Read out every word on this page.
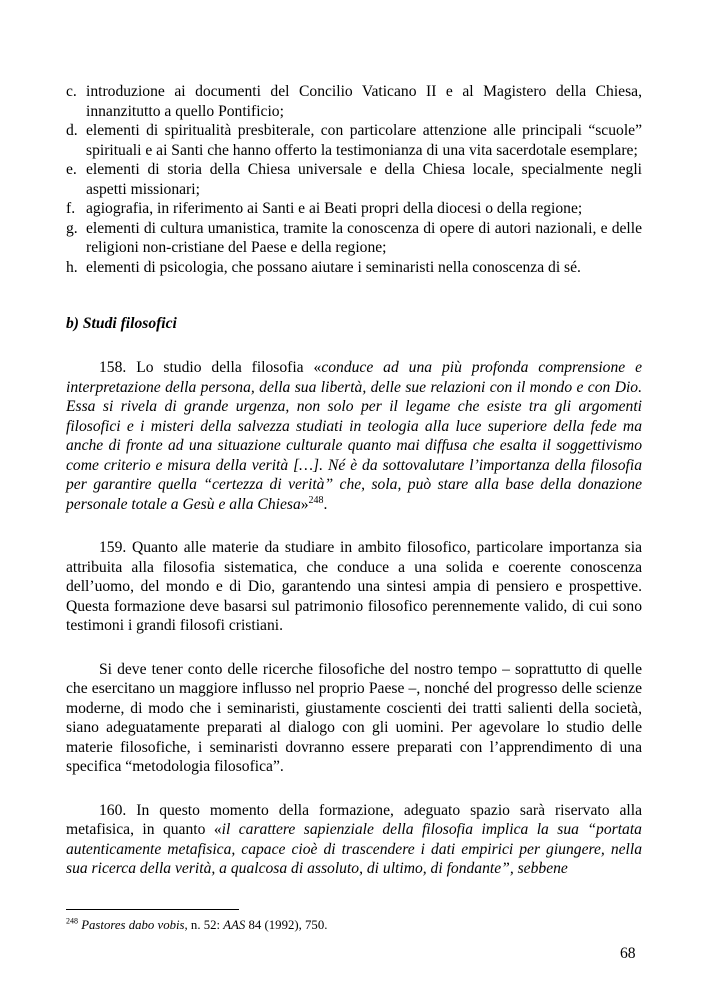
c. introduzione ai documenti del Concilio Vaticano II e al Magistero della Chiesa, innanzitutto a quello Pontificio;
d. elementi di spiritualità presbiterale, con particolare attenzione alle principali “scuole” spirituali e ai Santi che hanno offerto la testimonianza di una vita sacerdotale esemplare;
e. elementi di storia della Chiesa universale e della Chiesa locale, specialmente negli aspetti missionari;
f. agiografia, in riferimento ai Santi e ai Beati propri della diocesi o della regione;
g. elementi di cultura umanistica, tramite la conoscenza di opere di autori nazionali, e delle religioni non-cristiane del Paese e della regione;
h. elementi di psicologia, che possano aiutare i seminaristi nella conoscenza di sé.
b) Studi filosofici

158. Lo studio della filosofia «conduce ad una più profonda comprensione e interpretazione della persona, della sua libertà, delle sue relazioni con il mondo e con Dio. Essa si rivela di grande urgenza, non solo per il legame che esiste tra gli argomenti filosofici e i misteri della salvezza studiati in teologia alla luce superiore della fede ma anche di fronte ad una situazione culturale quanto mai diffusa che esalta il soggettivismo come criterio e misura della verità […]. Né è da sottovalutare l’importanza della filosofia per garantire quella “certezza di verità” che, sola, può stare alla base della donazione personale totale a Gesù e alla Chiesa»$^{248}$.

159. Quanto alle materie da studiare in ambito filosofico, particolare importanza sia attribuita alla filosofia sistematica, che conduce a una solida e coerente conoscenza dell’uomo, del mondo e di Dio, garantendo una sintesi ampia di pensiero e prospettive. Questa formazione deve basarsi sul patrimonio filosofico perennemente valido, di cui sono testimoni i grandi filosofi cristiani.

Si deve tener conto delle ricerche filosofiche del nostro tempo – soprattutto di quelle che esercitano un maggiore influsso nel proprio Paese –, nonché del progresso delle scienze moderne, di modo che i seminaristi, giustamente coscienti dei tratti salienti della società, siano adeguatamente preparati al dialogo con gli uomini. Per agevolare lo studio delle materie filosofiche, i seminaristi dovranno essere preparati con l’apprendimento di una specifica “metodologia filosofica”.

160. In questo momento della formazione, adeguato spazio sarà riservato alla metafisica, in quanto «il carattere sapienziale della filosofia implica la sua “portata autenticamente metafisica, capace cioè di trascendere i dati empirici per giungere, nella sua ricerca della verità, a qualcosa di assoluto, di ultimo, di fondante”, sebbene

$^{248}$ Pastores dabo vobis, n. 52: AAS 84 (1992), 750.
68
